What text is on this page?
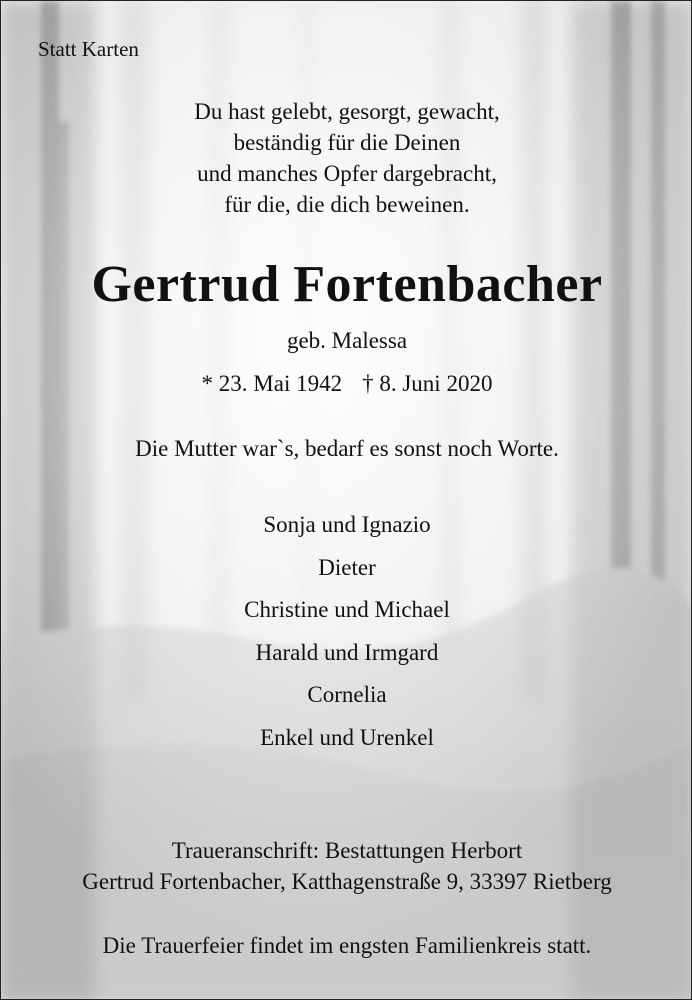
Statt Karten
Du hast gelebt, gesorgt, gewacht,
beständig für die Deinen
und manches Opfer dargebracht,
für die, die dich beweinen.
Gertrud Fortenbacher
geb. Malessa
* 23. Mai 1942 † 8. Juni 2020
Die Mutter war`s, bedarf es sonst noch Worte.
Sonja und Ignazio
Dieter
Christine und Michael
Harald und Irmgard
Cornelia
Enkel und Urenkel
Traueranschrift: Bestattungen Herbort
Gertrud Fortenbacher, Katthagenstraße 9, 33397 Rietberg
Die Trauerfeier findet im engsten Familienkreis statt.
